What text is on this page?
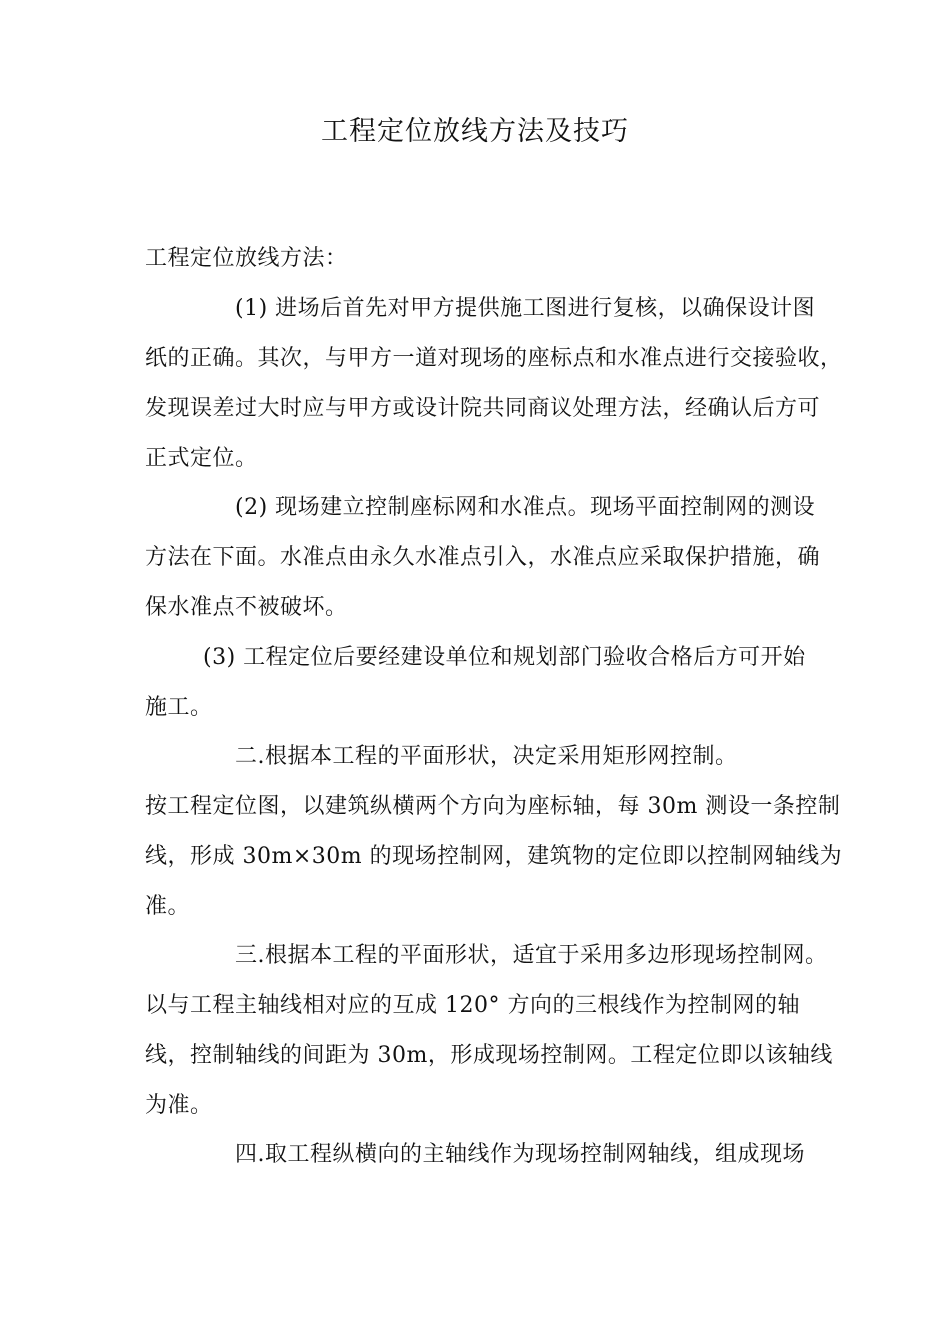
工程定位放线方法及技巧
工程定位放线方法：
(1) 进场后首先对甲方提供施工图进行复核，以确保设计图
纸的正确。其次，与甲方一道对现场的座标点和水准点进行交接验收，
发现误差过大时应与甲方或设计院共同商议处理方法，经确认后方可
正式定位。
(2) 现场建立控制座标网和水准点。现场平面控制网的测设
方法在下面。水准点由永久水准点引入，水准点应采取保护措施，确
保水准点不被破坏。
(3) 工程定位后要经建设单位和规划部门验收合格后方可开始
施工。
二.根据本工程的平面形状，决定采用矩形网控制。
按工程定位图，以建筑纵横两个方向为座标轴，每 30m 测设一条控制
线，形成 30m×30m 的现场控制网，建筑物的定位即以控制网轴线为
准。
三.根据本工程的平面形状，适宜于采用多边形现场控制网。
以与工程主轴线相对应的互成 120° 方向的三根线作为控制网的轴
线，控制轴线的间距为 30m，形成现场控制网。工程定位即以该轴线
为准。
四.取工程纵横向的主轴线作为现场控制网轴线，组成现场
